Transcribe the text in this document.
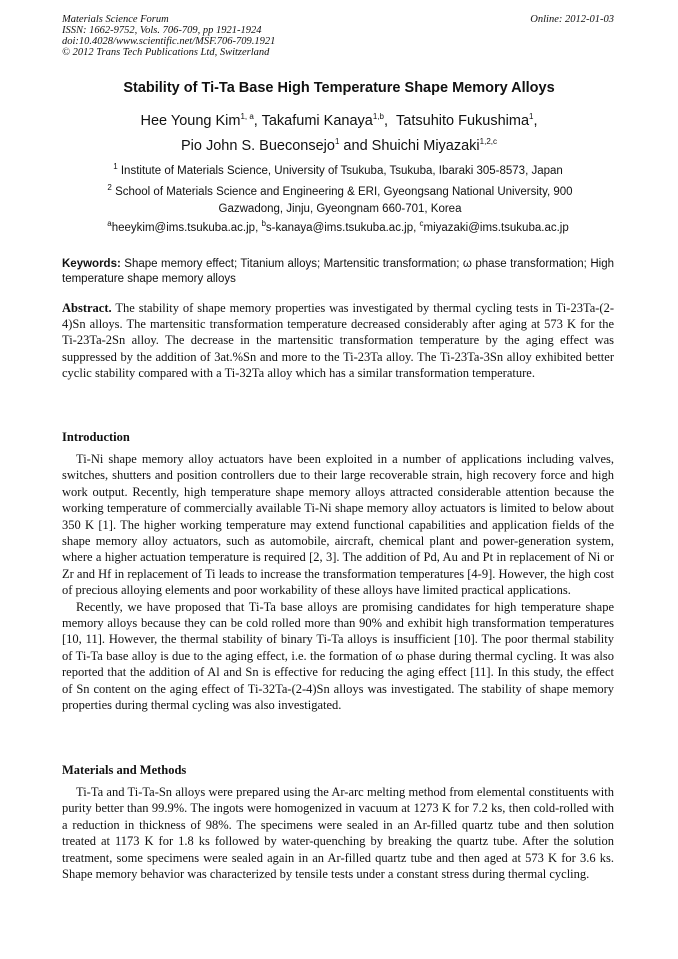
Materials Science Forum
ISSN: 1662-9752, Vols. 706-709, pp 1921-1924
doi:10.4028/www.scientific.net/MSF.706-709.1921
© 2012 Trans Tech Publications Ltd, Switzerland
Online: 2012-01-03
Stability of Ti-Ta Base High Temperature Shape Memory Alloys
Hee Young Kim$^{1, a}$, Takafumi Kanaya$^{1,b}$,  Tatsuhito Fukushima$^1$,
Pio John S. Bueconsejo$^1$ and Shuichi Miyazaki$^{1,2,c}$
$^1$ Institute of Materials Science, University of Tsukuba, Tsukuba, Ibaraki 305-8573, Japan
$^2$ School of Materials Science and Engineering & ERI, Gyeongsang National University, 900 Gazwadong, Jinju, Gyeongnam 660-701, Korea
$^a$heeykim@ims.tsukuba.ac.jp, $^b$s-kanaya@ims.tsukuba.ac.jp, $^c$miyazaki@ims.tsukuba.ac.jp
Keywords: Shape memory effect; Titanium alloys; Martensitic transformation; ω phase transformation; High temperature shape memory alloys
Abstract. The stability of shape memory properties was investigated by thermal cycling tests in Ti-23Ta-(2-4)Sn alloys. The martensitic transformation temperature decreased considerably after aging at 573 K for the Ti-23Ta-2Sn alloy. The decrease in the martensitic transformation temperature by the aging effect was suppressed by the addition of 3at.%Sn and more to the Ti-23Ta alloy. The Ti-23Ta-3Sn alloy exhibited better cyclic stability compared with a Ti-32Ta alloy which has a similar transformation temperature.
Introduction

Ti-Ni shape memory alloy actuators have been exploited in a number of applications including valves, switches, shutters and position controllers due to their large recoverable strain, high recovery force and high work output. Recently, high temperature shape memory alloys attracted considerable attention because the working temperature of commercially available Ti-Ni shape memory alloy actuators is limited to below about 350 K [1]. The higher working temperature may extend functional capabilities and application fields of the shape memory alloy actuators, such as automobile, aircraft, chemical plant and power-generation system, where a higher actuation temperature is required [2, 3]. The addition of Pd, Au and Pt in replacement of Ni or Zr and Hf in replacement of Ti leads to increase the transformation temperatures [4-9]. However, the high cost of precious alloying elements and poor workability of these alloys have limited practical applications.

Recently, we have proposed that Ti-Ta base alloys are promising candidates for high temperature shape memory alloys because they can be cold rolled more than 90% and exhibit high transformation temperatures [10, 11]. However, the thermal stability of binary Ti-Ta alloys is insufficient [10]. The poor thermal stability of Ti-Ta base alloy is due to the aging effect, i.e. the formation of ω phase during thermal cycling. It was also reported that the addition of Al and Sn is effective for reducing the aging effect [11]. In this study, the effect of Sn content on the aging effect of Ti-32Ta-(2-4)Sn alloys was investigated. The stability of shape memory properties during thermal cycling was also investigated.

Materials and Methods

Ti-Ta and Ti-Ta-Sn alloys were prepared using the Ar-arc melting method from elemental constituents with purity better than 99.9%. The ingots were homogenized in vacuum at 1273 K for 7.2 ks, then cold-rolled with a reduction in thickness of 98%. The specimens were sealed in an Ar-filled quartz tube and then solution treated at 1173 K for 1.8 ks followed by water-quenching by breaking the quartz tube. After the solution treatment, some specimens were sealed again in an Ar-filled quartz tube and then aged at 573 K for 3.6 ks. Shape memory behavior was characterized by tensile tests under a constant stress during thermal cycling.
